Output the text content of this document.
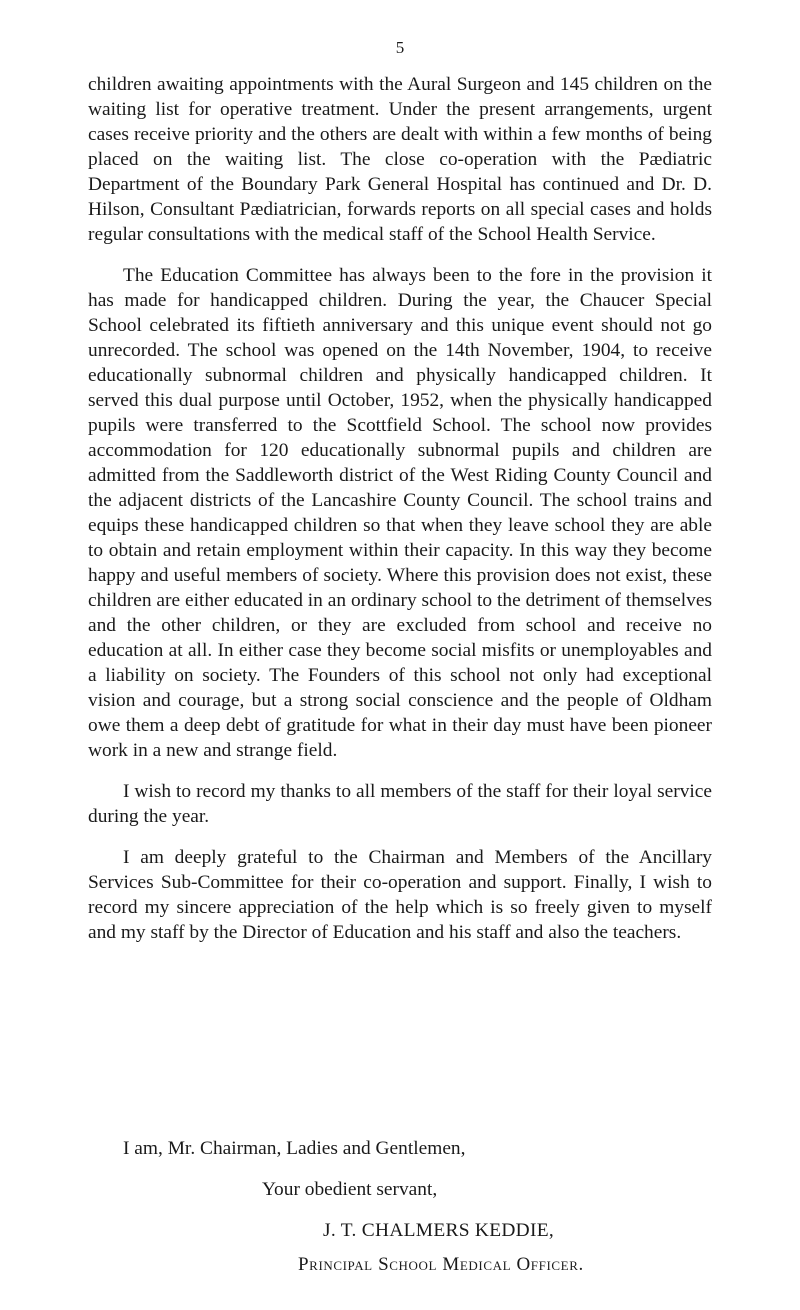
5

children awaiting appointments with the Aural Surgeon and 145 children on the waiting list for operative treatment. Under the present arrangements, urgent cases receive priority and the others are dealt with within a few months of being placed on the waiting list. The close co-operation with the Pædiatric Department of the Boundary Park General Hospital has continued and Dr. D. Hilson, Consultant Pædiatrician, forwards reports on all special cases and holds regular consultations with the medical staff of the School Health Service.

The Education Committee has always been to the fore in the provision it has made for handicapped children. During the year, the Chaucer Special School celebrated its fiftieth anniversary and this unique event should not go unrecorded. The school was opened on the 14th November, 1904, to receive educationally subnormal children and physically handicapped children. It served this dual purpose until October, 1952, when the physically handicapped pupils were transferred to the Scottfield School. The school now provides accommodation for 120 educationally subnormal pupils and children are admitted from the Saddleworth district of the West Riding County Council and the adjacent districts of the Lancashire County Council. The school trains and equips these handicapped children so that when they leave school they are able to obtain and retain employment within their capacity. In this way they become happy and useful members of society. Where this provision does not exist, these children are either educated in an ordinary school to the detriment of themselves and the other children, or they are excluded from school and receive no education at all. In either case they become social misfits or unemployables and a liability on society. The Founders of this school not only had exceptional vision and courage, but a strong social conscience and the people of Oldham owe them a deep debt of gratitude for what in their day must have been pioneer work in a new and strange field.

I wish to record my thanks to all members of the staff for their loyal service during the year.

I am deeply grateful to the Chairman and Members of the Ancillary Services Sub-Committee for their co-operation and support. Finally, I wish to record my sincere appreciation of the help which is so freely given to myself and my staff by the Director of Education and his staff and also the teachers.

I am, Mr. Chairman, Ladies and Gentlemen,
Your obedient servant,
J. T. CHALMERS KEDDIE,
Principal School Medical Officer.
